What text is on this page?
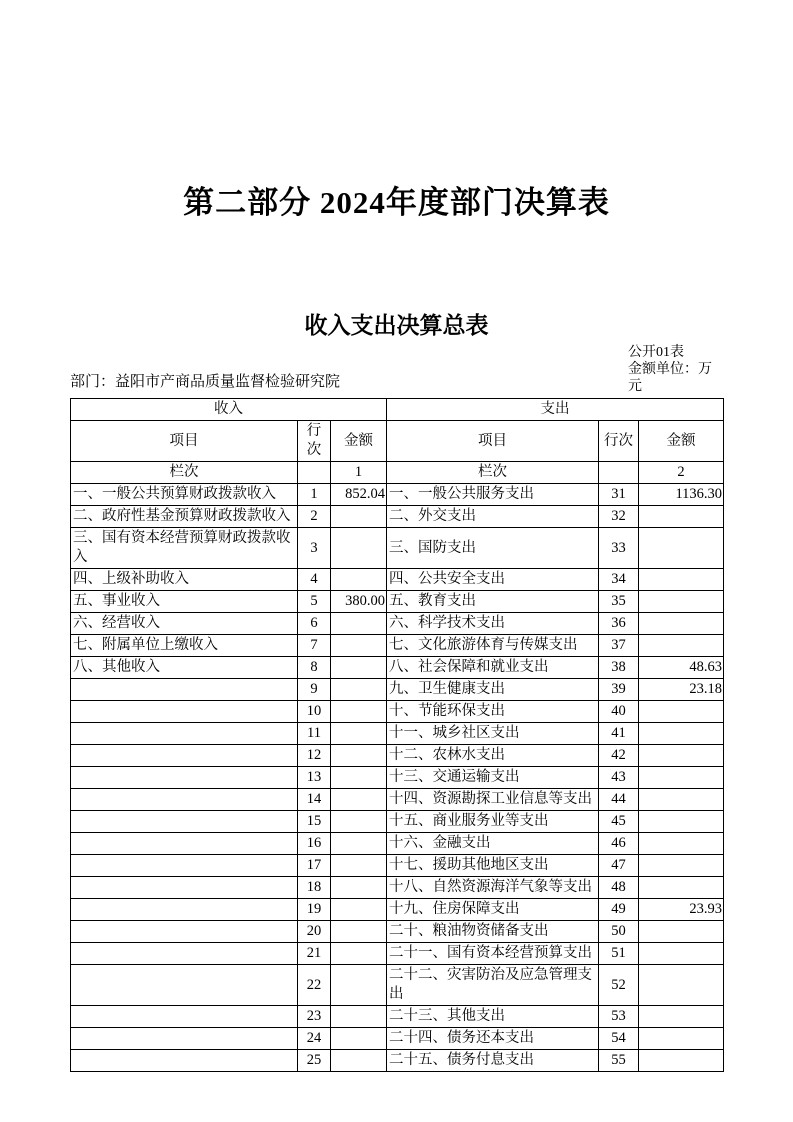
第二部分 2024年度部门决算表
收入支出决算总表
部门：益阳市产商品质量监督检验研究院
公开01表
金额单位：万元
收入			支出		
项目	行次	金额	项目	行次	金额
栏次		1	栏次		2
一、一般公共预算财政拨款收入	1	852.04	一、一般公共服务支出	31	1136.30
二、政府性基金预算财政拨款收入	2		二、外交支出	32	
三、国有资本经营预算财政拨款收入	3		三、国防支出	33	
四、上级补助收入	4		四、公共安全支出	34	
五、事业收入	5	380.00	五、教育支出	35	
六、经营收入	6		六、科学技术支出	36	
七、附属单位上缴收入	7		七、文化旅游体育与传媒支出	37	
八、其他收入	8		八、社会保障和就业支出	38	48.63
	9		九、卫生健康支出	39	23.18
	10		十、节能环保支出	40	
	11		十一、城乡社区支出	41	
	12		十二、农林水支出	42	
	13		十三、交通运输支出	43	
	14		十四、资源勘探工业信息等支出	44	
	15		十五、商业服务业等支出	45	
	16		十六、金融支出	46	
	17		十七、援助其他地区支出	47	
	18		十八、自然资源海洋气象等支出	48	
	19		十九、住房保障支出	49	23.93
	20		二十、粮油物资储备支出	50	
	21		二十一、国有资本经营预算支出	51	
	22		二十二、灾害防治及应急管理支出	52	
	23		二十三、其他支出	53	
	24		二十四、债务还本支出	54	
	25		二十五、债务付息支出	55	
